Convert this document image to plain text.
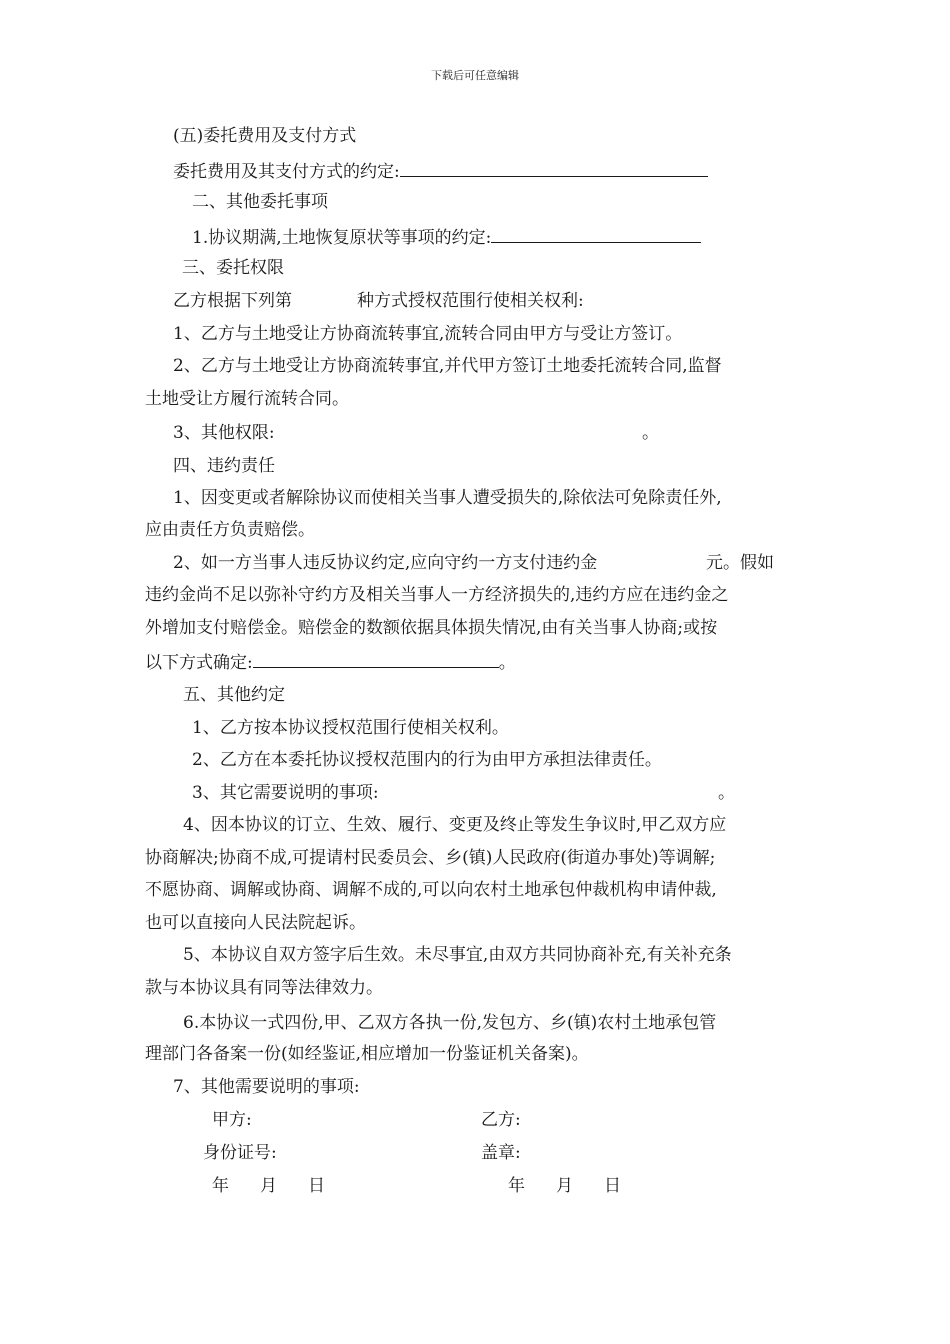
下载后可任意编辑
(五)委托费用及支付方式
委托费用及其支付方式的约定:
二、其他委托事项
1.协议期满,土地恢复原状等事项的约定:
三、委托权限
乙方根据下列第	种方式授权范围行使相关权利:
1、乙方与土地受让方协商流转事宜,流转合同由甲方与受让方签订。
2、乙方与土地受让方协商流转事宜,并代甲方签订土地委托流转合同,监督
土地受让方履行流转合同。
3、其他权限:	。
四、违约责任
1、因变更或者解除协议而使相关当事人遭受损失的,除依法可免除责任外,
应由责任方负责赔偿。
2、如一方当事人违反协议约定,应向守约一方支付违约金	元。假如
违约金尚不足以弥补守约方及相关当事人一方经济损失的,违约方应在违约金之
外增加支付赔偿金。赔偿金的数额依据具体损失情况,由有关当事人协商;或按
以下方式确定:	。
五、其他约定
1、乙方按本协议授权范围行使相关权利。
2、乙方在本委托协议授权范围内的行为由甲方承担法律责任。
3、其它需要说明的事项:	。
4、因本协议的订立、生效、履行、变更及终止等发生争议时,甲乙双方应
协商解决;协商不成,可提请村民委员会、乡(镇)人民政府(街道办事处)等调解;
不愿协商、调解或协商、调解不成的,可以向农村土地承包仲裁机构申请仲裁,
也可以直接向人民法院起诉。
5、本协议自双方签字后生效。未尽事宜,由双方共同协商补充,有关补充条
款与本协议具有同等法律效力。
6.本协议一式四份,甲、乙双方各执一份,发包方、乡(镇)农村土地承包管
理部门各备案一份(如经鉴证,相应增加一份鉴证机关备案)。
7、其他需要说明的事项:
甲方:	乙方:
身份证号:	盖章:
年 月 日	年 月 日
